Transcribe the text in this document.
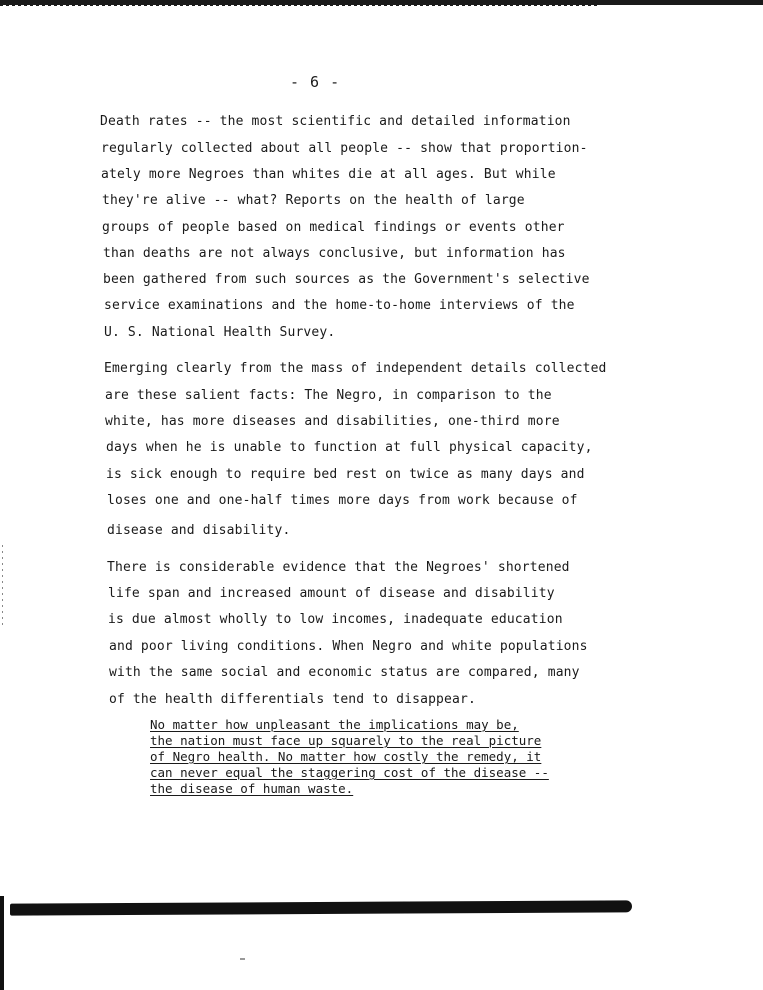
- 6 -
Death rates -- the most scientific and detailed information
regularly collected about all people -- show that proportion-
ately more Negroes than whites die at all ages. But while
they're alive -- what? Reports on the health of large
groups of people based on medical findings or events other
than deaths are not always conclusive, but information has
been gathered from such sources as the Government's selective
service examinations and the home-to-home interviews of the
U. S. National Health Survey.
Emerging clearly from the mass of independent details collected
are these salient facts: The Negro, in comparison to the
white, has more diseases and disabilities, one-third more
days when he is unable to function at full physical capacity,
is sick enough to require bed rest on twice as many days and
loses one and one-half times more days from work because of
disease and disability.
There is considerable evidence that the Negroes' shortened
life span and increased amount of disease and disability
is due almost wholly to low incomes, inadequate education
and poor living conditions. When Negro and white populations
with the same social and economic status are compared, many
of the health differentials tend to disappear.
No matter how unpleasant the implications may be,
the nation must face up squarely to the real picture
of Negro health. No matter how costly the remedy, it
can never equal the staggering cost of the disease --
the disease of human waste.
